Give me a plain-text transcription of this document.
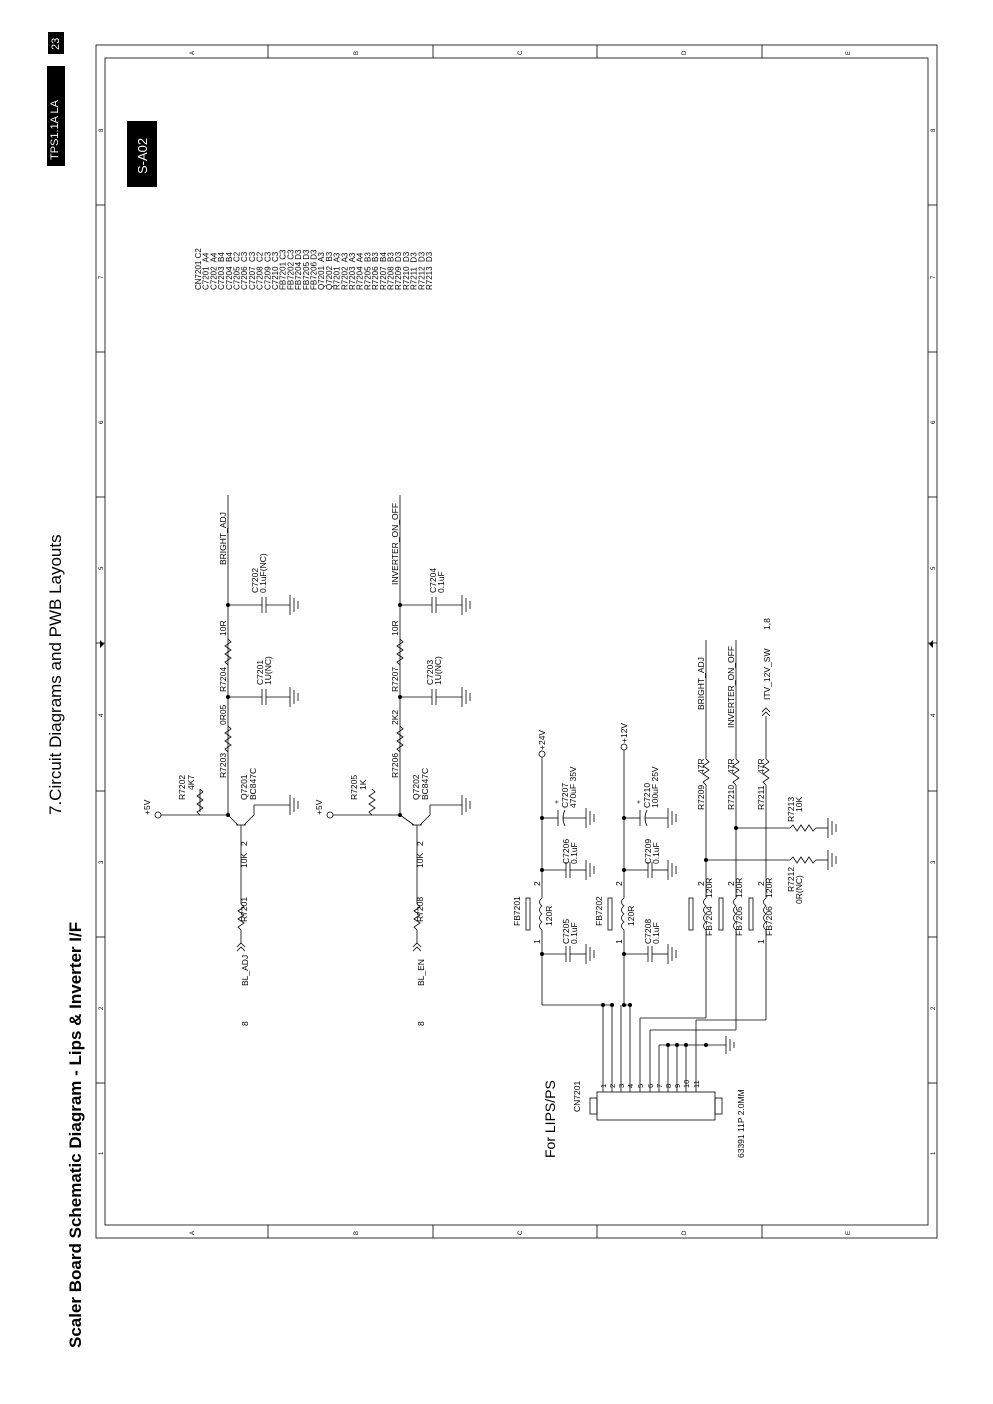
23
TPS1.1A LA
7.Circuit Diagrams and PWB Layouts
Scaler Board Schematic Diagram - Lips & Inverter I/F
A	B	C	D	E
A	B	C	D	E
1
2
3
4
5
6
7
8
1
2
3
4
5
6
7
8
S-A02
CN7201 C2
C7201  A4
C7202  A4
C7203  B4
C7204  B4
C7205  C2
C7206  C3
C7207  C3
C7208  C2
C7209  C3
C7210  C3
FB7201 C3
FB7202 C3
FB7204 D3
FB7205 D3
FB7206 D3
Q7201  A3
Q7202  B3
R7201  A3
R7202  A3
R7203  A3
R7204  A4
R7205  B3
R7206  B3
R7207  B4
R7208  B3
R7209  D3
R7210  D3
R7211  D3
R7212  D3
R7213  D3
BL_ADJ
8
R7201
10K
2
+5V
R7202 4K7	Q7201 BC847C
R7203
0R05
C7201
1U(NC)
R7204
10R
C7202
0.1uF(NC)
BRIGHT_ADJ
BL_EN
8
R7208
10K
2
+5V
R7205 1K	Q7202 BC847C
R7206
2K2
C7203
1U(NC)
R7207
10R
C7204
0.1uF
INVERTER_ON_OFF
FB7201	120R
1
2
C7205
0.1uF
C7206
0.1uF
C7207
470uF 35V
+
+24V
FB7202	120R
1
2
C7208
0.1uF
C7209
0.1uF
C7210
100uF 25V
+
+12V
FB7204
120R
2
FB7205
120R
2
FB7206
120R
1
2
R7209
47R
R7210
47R
R7211
47R
R7212
0R(NC)
R7213
10K
BRIGHT_ADJ INVERTER_ON_OFF	ITV_12V_SW
1,8
CN7201	63391 11P 2.0MM
For LIPS/PS	1 2 3 4 5 6 7 8 9 10 11
